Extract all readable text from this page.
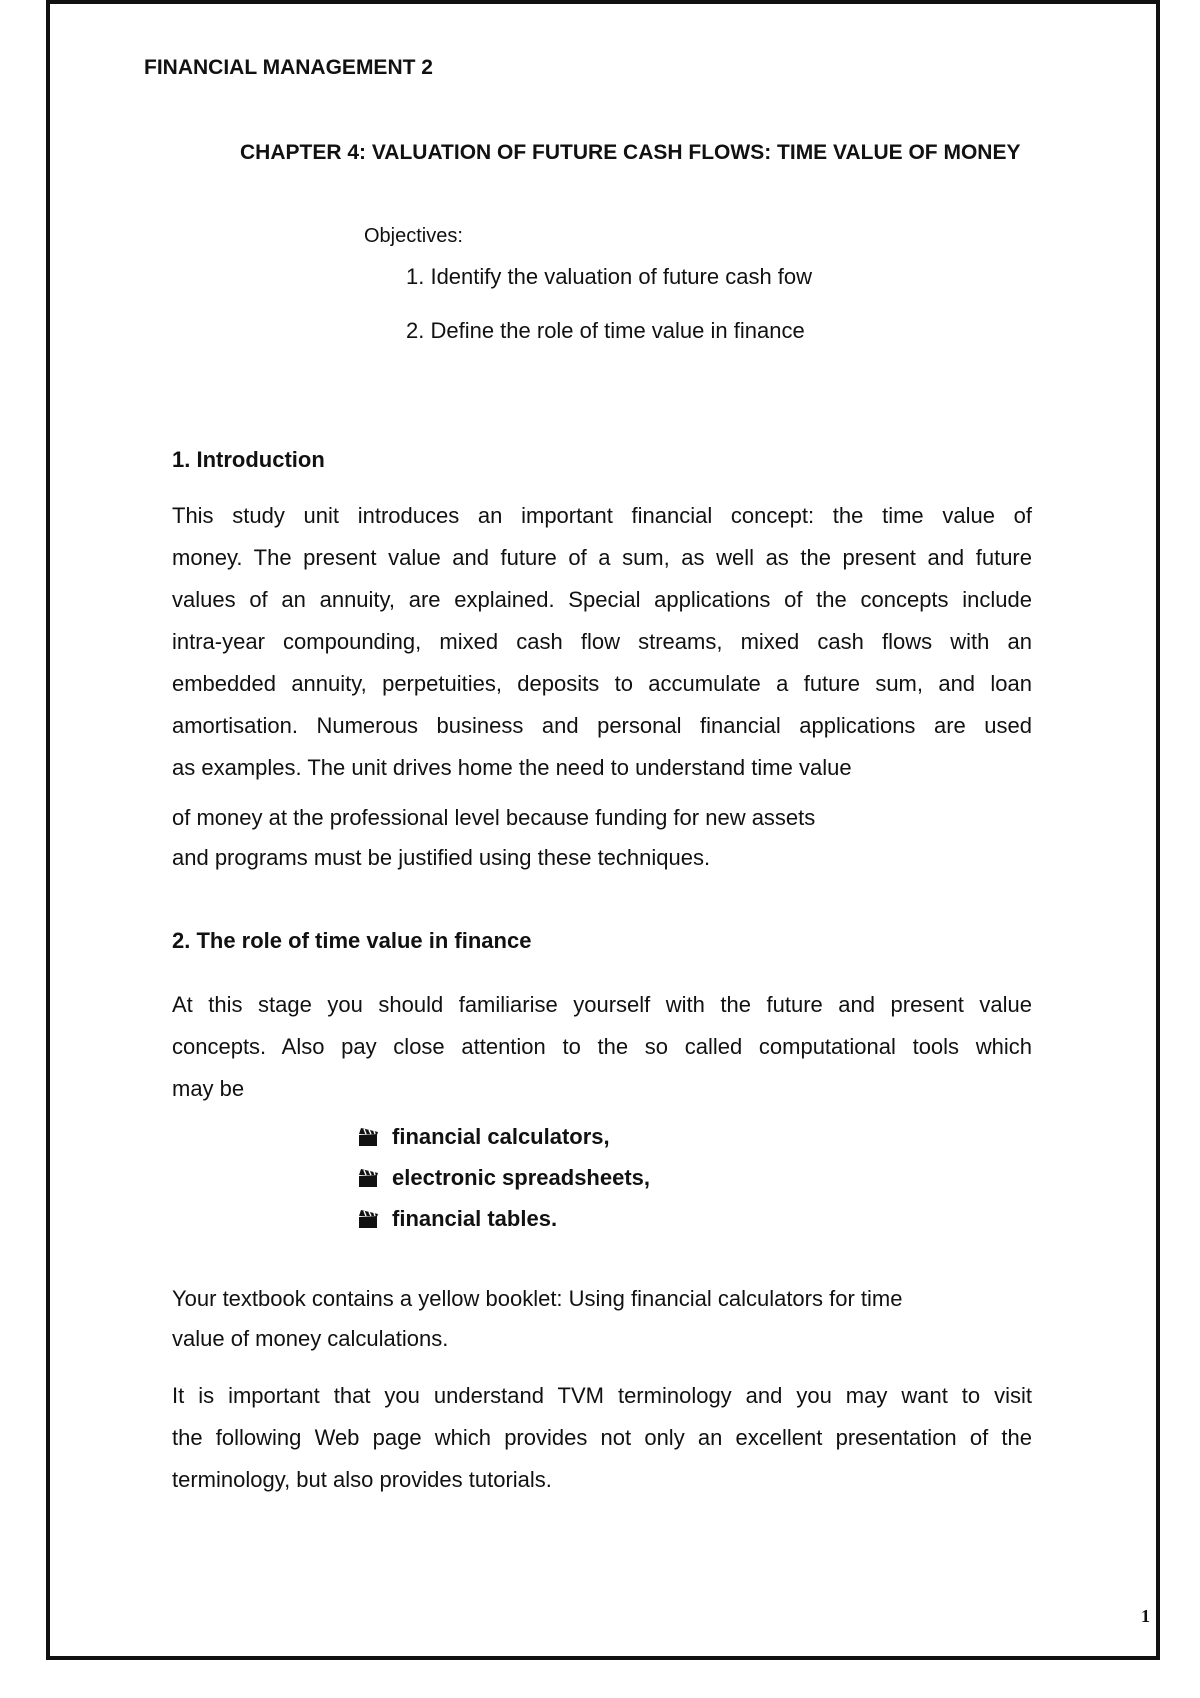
FINANCIAL MANAGEMENT 2
CHAPTER 4: VALUATION OF FUTURE CASH FLOWS: TIME VALUE OF MONEY
Objectives:
1. Identify the valuation of future cash fow
2. Define the role of time value in finance
1. Introduction
This study unit introduces an important financial concept: the time value of
money. The present value and future of a sum, as well as the present and future
values of an annuity, are explained. Special applications of the concepts include
intra-year compounding, mixed cash flow streams, mixed cash flows with an
embedded annuity, perpetuities, deposits to accumulate a future sum, and loan
amortisation. Numerous business and personal financial applications are used
as examples. The unit drives home the need to understand time value
of money at the professional level because funding for new assets
and programs must be justified using these techniques.
2. The role of time value in finance
At this stage you should familiarise yourself with the future and present value
concepts. Also pay close attention to the so called computational tools which
may be
financial calculators,
electronic spreadsheets,
financial tables.
Your textbook contains a yellow booklet: Using financial calculators for time
value of money calculations.
It is important that you understand TVM terminology and you may want to visit
the following Web page which provides not only an excellent presentation of the
terminology, but also provides tutorials.
1
